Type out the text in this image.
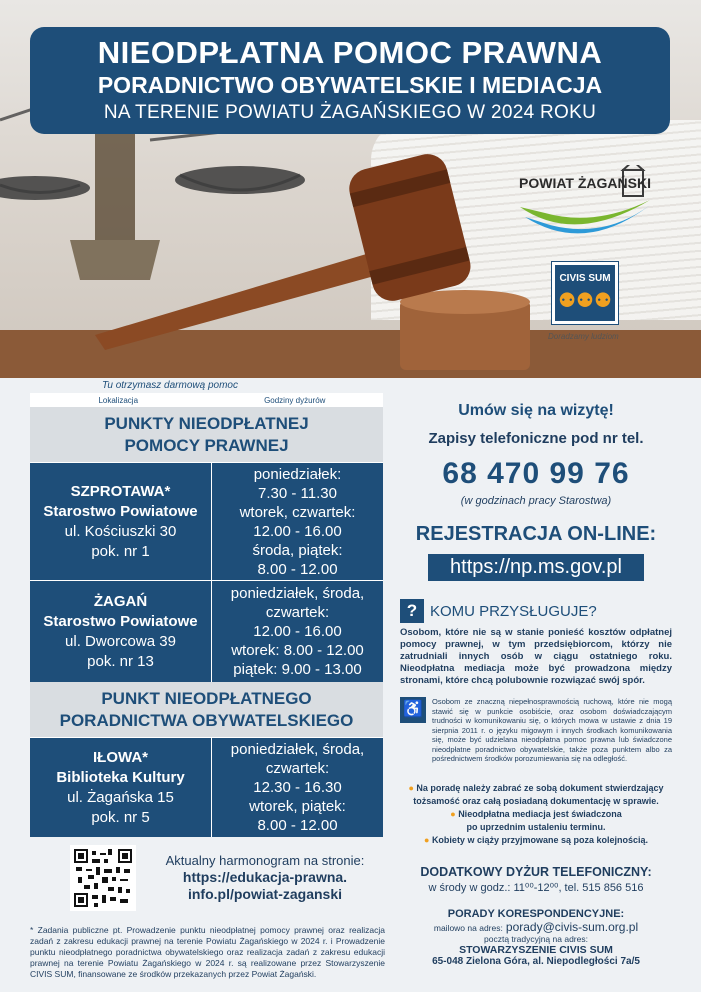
NIEODPŁATNA POMOC PRAWNA
PORADNICTWO OBYWATELSKIE I MEDIACJA
NA TERENIE POWIATU ŻAGAŃSKIEGO W 2024 ROKU
POWIAT ŻAGAŃSKI
CIVIS SUM
⚉⚉⚉
Doradzamy ludziom
Tu otrzymasz darmową pomoc
Lokalizacja	Godziny dyżurów
PUNKTY NIEODPŁATNEJ
POMOCY PRAWNEJ
SZPROTAWA*
Starostwo Powiatowe
ul. Kościuszki 30
pok. nr 1
poniedziałek:
7.30 - 11.30
wtorek, czwartek:
12.00 - 16.00
środa, piątek:
8.00 - 12.00
ŻAGAŃ
Starostwo Powiatowe
ul. Dworcowa 39
pok. nr 13
poniedziałek, środa,
czwartek:
12.00 - 16.00
wtorek: 8.00 - 12.00
piątek: 9.00 - 13.00
PUNKT NIEODPŁATNEGO
PORADNICTWA OBYWATELSKIEGO
IŁOWA*
Biblioteka Kultury
ul. Żagańska 15
pok. nr 5
poniedziałek, środa,
czwartek:
12.30 - 16.30
wtorek, piątek:
8.00 - 12.00
Aktualny harmonogram na stronie:
https://edukacja-prawna.
info.pl/powiat-zaganski
* Zadania publiczne pt. Prowadzenie punktu nieodpłatnej pomocy prawnej oraz realizacja zadań z zakresu edukacji prawnej na terenie Powiatu Żagańskiego w 2024 r. i Prowadzenie punktu nieodpłatnego poradnictwa obywatelskiego oraz realizacja zadań z zakresu edukacji prawnej na terenie Powiatu Żagańskiego w 2024 r. są realizowane przez Stowarzyszenie CIVIS SUM, finansowane ze środków przekazanych przez Powiat Żagański.
Umów się na wizytę!
Zapisy telefoniczne pod nr tel.
68 470 99 76
(w godzinach pracy Starostwa)
REJESTRACJA ON-LINE:
https://np.ms.gov.pl
? KOMU PRZYSŁUGUJE?
Osobom, które nie są w stanie ponieść kosztów odpłatnej pomocy prawnej, w tym przedsiębiorcom, którzy nie zatrudniali innych osób w ciągu ostatniego roku. Nieodpłatna mediacja może być prowadzona między stronami, które chcą polubownie rozwiązać swój spór.
♿	Osobom ze znaczną niepełnosprawnością ruchową, które nie mogą stawić się w punkcie osobiście, oraz osobom doświadczającym trudności w komunikowaniu się, o których mowa w ustawie z dnia 19 sierpnia 2011 r. o języku migowym i innych środkach komunikowania się, może być udzielana nieodpłatna pomoc prawna lub świadczone nieodpłatne poradnictwo obywatelskie, także poza punktem albo za pośrednictwem środków porozumiewania się na odległość.
● Na poradę należy zabrać ze sobą dokument stwierdzający
tożsamość oraz całą posiadaną dokumentację w sprawie.
● Nieodpłatna mediacja jest świadczona
po uprzednim ustaleniu terminu.
● Kobiety w ciąży przyjmowane są poza kolejnością.
DODATKOWY DYŻUR TELEFONICZNY:
w środy w godz.: 11⁰⁰-12⁰⁰, tel. 515 856 516
PORADY KORESPONDENCYJNE:
mailowo na adres: porady@civis-sum.org.pl
pocztą tradycyjną na adres:
STOWARZYSZENIE CIVIS SUM
65-048 Zielona Góra, al. Niepodległości 7a/5
